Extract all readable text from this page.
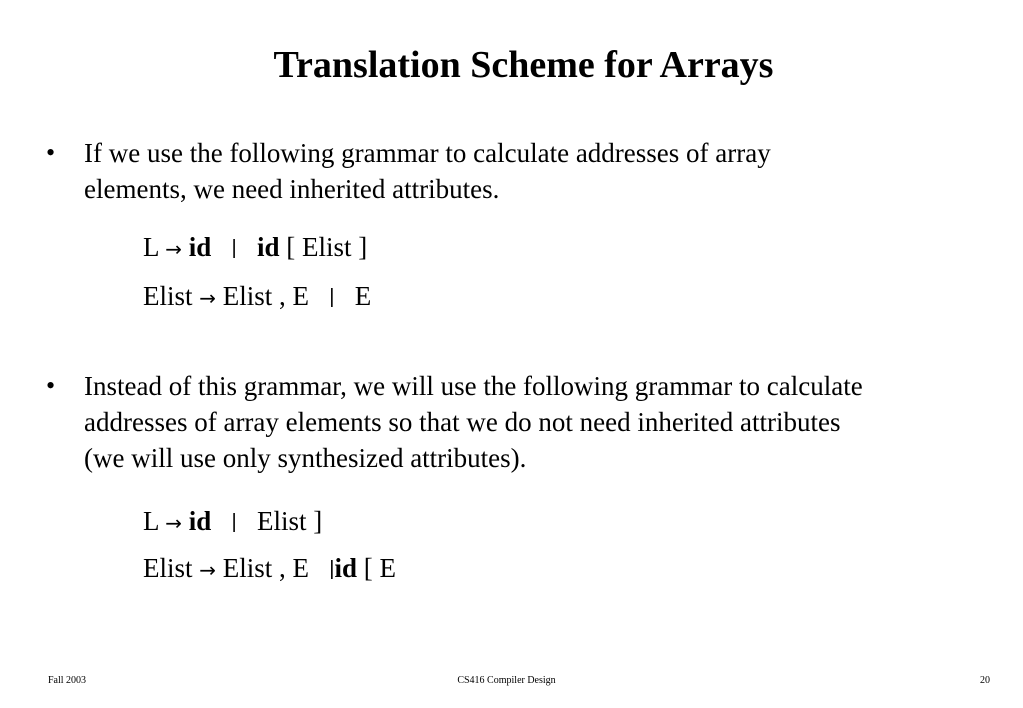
Translation Scheme for Arrays
• If we use the following grammar to calculate addresses of array
elements, we need inherited attributes.
L → id | id [ Elist ]
Elist → Elist , E | E
• Instead of this grammar, we will use the following grammar to calculate
addresses of array elements so that we do not need inherited attributes
(we will use only synthesized attributes).
L → id | Elist ]
Elist → Elist , E |id [ E
Fall 2003	CS416 Compiler Design	20
